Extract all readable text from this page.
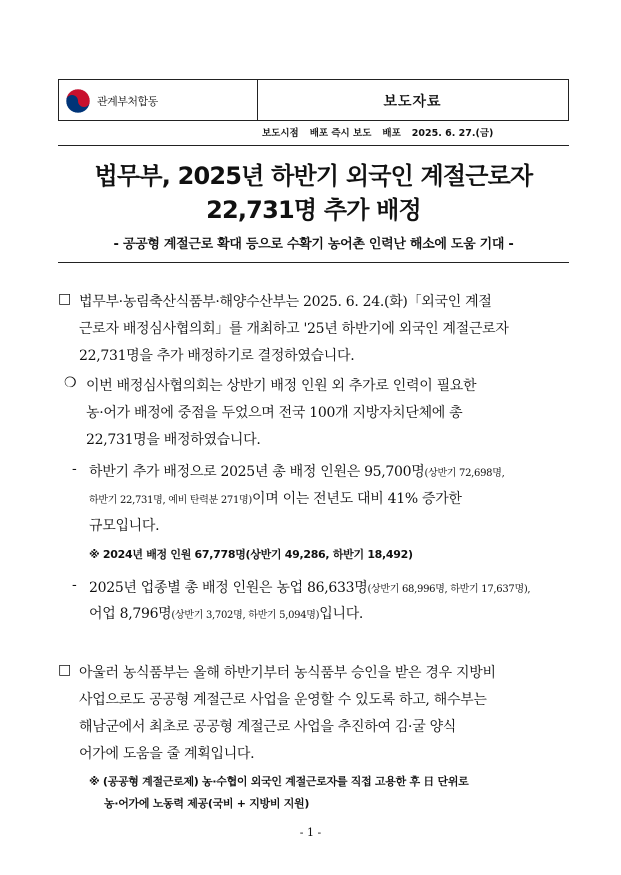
관계부처합동	보도자료
보도시점 배포 즉시 보도 배포 2025. 6. 27.(금)
법무부, 2025년 하반기 외국인 계절근로자
22,731명 추가 배정
- 공공형 계절근로 확대 등으로 수확기 농어촌 인력난 해소에 도움 기대 -
□ 법무부·농림축산식품부·해양수산부는 2025. 6. 24.(화)「외국인 계절
근로자 배정심사협의회」를 개최하고 '25년 하반기에 외국인 계절근로자
22,731명을 추가 배정하기로 결정하였습니다.
❍ 이번 배정심사협의회는 상반기 배정 인원 외 추가로 인력이 필요한
농·어가 배정에 중점을 두었으며 전국 100개 지방자치단체에 총
22,731명을 배정하였습니다.
- 하반기 추가 배정으로 2025년 총 배정 인원은 95,700명(상반기 72,698명,
하반기 22,731명, 예비 탄력분 271명)이며 이는 전년도 대비 41% 증가한
규모입니다.
※ 2024년 배정 인원 67,778명(상반기 49,286, 하반기 18,492)
- 2025년 업종별 총 배정 인원은 농업 86,633명(상반기 68,996명, 하반기 17,637명),
어업 8,796명(상반기 3,702명, 하반기 5,094명)입니다.
□ 아울러 농식품부는 올해 하반기부터 농식품부 승인을 받은 경우 지방비
사업으로도 공공형 계절근로 사업을 운영할 수 있도록 하고, 해수부는
해남군에서 최초로 공공형 계절근로 사업을 추진하여 김·굴 양식
어가에 도움을 줄 계획입니다.
※ (공공형 계절근로제) 농·수협이 외국인 계절근로자를 직접 고용한 후 日 단위로
농·어가에 노동력 제공(국비 + 지방비 지원)
- 1 -
